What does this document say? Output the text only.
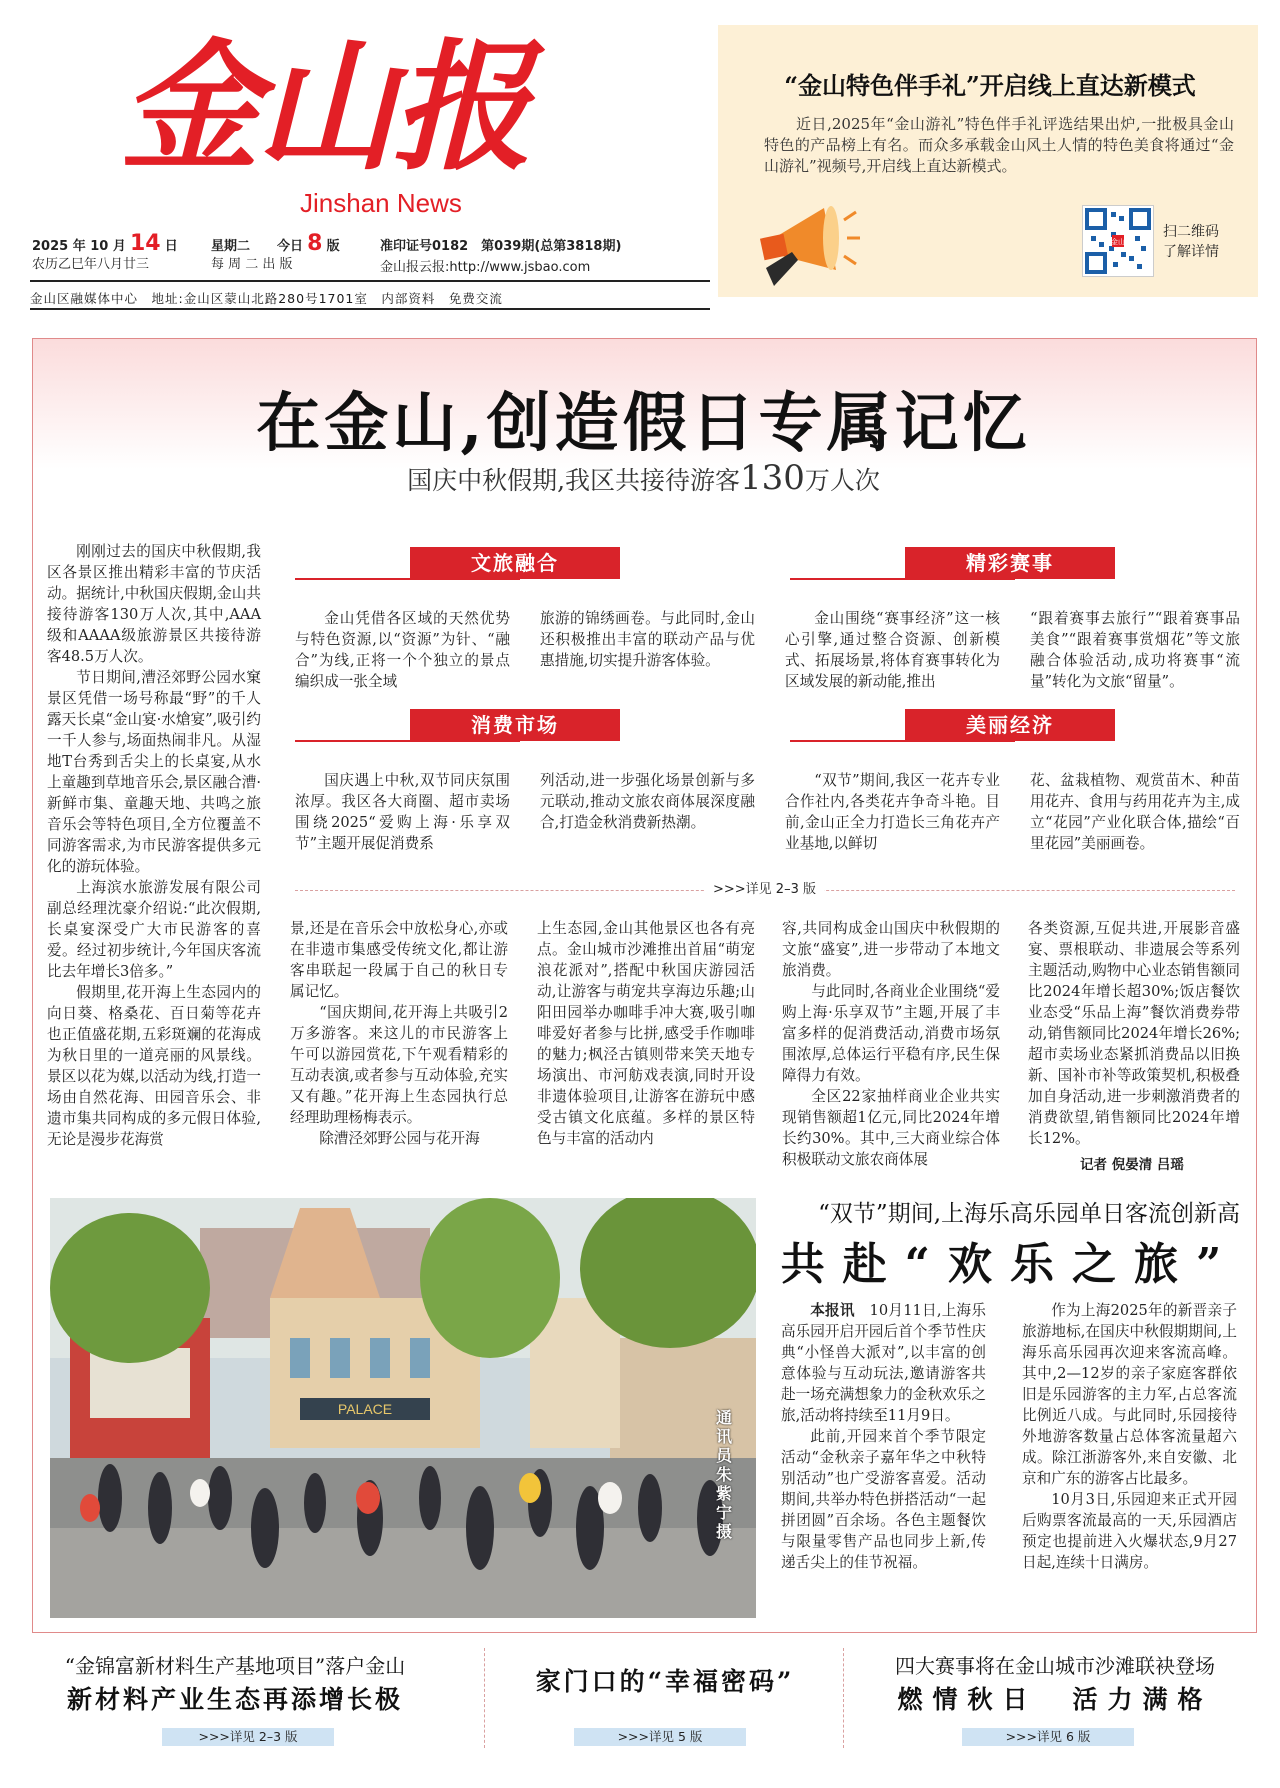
金山报
Jinshan News
2025 年 10 月 14 日
农历乙巳年八月廿三
星期二 今日 8 版
每 周 二 出 版
准印证号0182　第039期(总第3818期)
金山报云报:http://www.jsbao.com
金山区融媒体中心　地址:金山区蒙山北路280号1701室　内部资料　免费交流
“金山特色伴手礼”开启线上直达新模式
近日,2025年“金山游礼”特色伴手礼评选结果出炉,一批极具金山特色的产品榜上有名。而众多承载金山风土人情的特色美食将通过“金山游礼”视频号,开启线上直达新模式。
金山
扫二维码
了解详情
在金山,创造假日专属记忆
国庆中秋假期,我区共接待游客130万人次

刚刚过去的国庆中秋假期,我区各景区推出精彩丰富的节庆活动。据统计,中秋国庆假期,金山共接待游客130万人次,其中,AAA级和AAAA级旅游景区共接待游客48.5万人次。

节日期间,漕泾郊野公园水窠景区凭借一场号称最“野”的千人露天长桌“金山宴·水熗宴”,吸引约一千人参与,场面热闹非凡。从湿地T台秀到舌尖上的长桌宴,从水上童趣到草地音乐会,景区融合漕·新鲜市集、童趣天地、共鸣之旅音乐会等特色项目,全方位覆盖不同游客需求,为市民游客提供多元化的游玩体验。

上海滨水旅游发展有限公司副总经理沈豪介绍说:“此次假期,长桌宴深受广大市民游客的喜爱。经过初步统计,今年国庆客流比去年增长3倍多。”

假期里,花开海上生态园内的向日葵、格桑花、百日菊等花卉也正值盛花期,五彩斑斓的花海成为秋日里的一道亮丽的风景线。景区以花为媒,以活动为线,打造一场由自然花海、田园音乐会、非遗市集共同构成的多元假日体验,无论是漫步花海赏

文旅融合	精彩赛事

金山凭借各区域的天然优势与特色资源,以“资源”为针、“融合”为线,正将一个个独立的景点编织成一张全域

旅游的锦绣画卷。与此同时,金山还积极推出丰富的联动产品与优惠措施,切实提升游客体验。

金山围绕“赛事经济”这一核心引擎,通过整合资源、创新模式、拓展场景,将体育赛事转化为区域发展的新动能,推出

“跟着赛事去旅行”“跟着赛事品美食”“跟着赛事赏烟花”等文旅融合体验活动,成功将赛事“流量”转化为文旅“留量”。

消费市场	美丽经济

国庆遇上中秋,双节同庆氛围浓厚。我区各大商圈、超市卖场围绕2025“爱购上海·乐享双节”主题开展促消费系

列活动,进一步强化场景创新与多元联动,推动文旅农商体展深度融合,打造金秋消费新热潮。

“双节”期间,我区一花卉专业合作社内,各类花卉争奇斗艳。目前,金山正全力打造长三角花卉产业基地,以鲜切

花、盆栽植物、观赏苗木、种苗用花卉、食用与药用花卉为主,成立“花园”产业化联合体,描绘“百里花园”美丽画卷。

>>>详见 2–3 版

景,还是在音乐会中放松身心,亦或在非遗市集感受传统文化,都让游客串联起一段属于自己的秋日专属记忆。

“国庆期间,花开海上共吸引2万多游客。来这儿的市民游客上午可以游园赏花,下午观看精彩的互动表演,或者参与互动体验,充实又有趣。”花开海上生态园执行总经理助理杨梅表示。

除漕泾郊野公园与花开海

上生态园,金山其他景区也各有亮点。金山城市沙滩推出首届“萌宠浪花派对”,搭配中秋国庆游园活动,让游客与萌宠共享海边乐趣;山阳田园举办咖啡手冲大赛,吸引咖啡爱好者参与比拼,感受手作咖啡的魅力;枫泾古镇则带来笑天地专场演出、市河舫戏表演,同时开设非遗体验项目,让游客在游玩中感受古镇文化底蕴。多样的景区特色与丰富的活动内

容,共同构成金山国庆中秋假期的文旅“盛宴”,进一步带动了本地文旅消费。

与此同时,各商业企业围绕“爱购上海·乐享双节”主题,开展了丰富多样的促消费活动,消费市场氛围浓厚,总体运行平稳有序,民生保障得力有效。

全区22家抽样商业企业共实现销售额超1亿元,同比2024年增长约30%。其中,三大商业综合体积极联动文旅农商体展

各类资源,互促共进,开展影音盛宴、票根联动、非遗展会等系列主题活动,购物中心业态销售额同比2024年增长超30%;饭店餐饮业态受“乐品上海”餐饮消费券带动,销售额同比2024年增长26%;超市卖场业态紧抓消费品以旧换新、国补市补等政策契机,积极叠加自身活动,进一步刺激消费者的消费欲望,销售额同比2024年增长12%。

记者 倪晏清 吕瑶
PALACE	通讯员 朱紫宁 摄
“双节”期间,上海乐高乐园单日客流创新高
共赴“欢乐之旅”

本报讯　 10月11日,上海乐高乐园开启开园后首个季节性庆典“小怪兽大派对”,以丰富的创意体验与互动玩法,邀请游客共赴一场充满想象力的金秋欢乐之旅,活动将持续至11月9日。

此前,开园来首个季节限定活动“金秋亲子嘉年华之中秋特别活动”也广受游客喜爱。活动期间,共举办特色拼搭活动“一起拼团圆”百余场。各色主题餐饮与限量零售产品也同步上新,传递舌尖上的佳节祝福。

作为上海2025年的新晋亲子旅游地标,在国庆中秋假期期间,上海乐高乐园再次迎来客流高峰。其中,2—12岁的亲子家庭客群依旧是乐园游客的主力军,占总客流比例近八成。与此同时,乐园接待外地游客数量占总体客流量超六成。除江浙游客外,来自安徽、北京和广东的游客占比最多。

10月3日,乐园迎来正式开园后购票客流最高的一天,乐园酒店预定也提前进入火爆状态,9月27日起,连续十日满房。

“金锦富新材料生产基地项目”落户金山
新材料产业生态再添增长极
>>>详见 2–3 版
家门口的“幸福密码”
>>>详见 5 版
四大赛事将在金山城市沙滩联袂登场
燃情秋日　活力满格
>>>详见 6 版
